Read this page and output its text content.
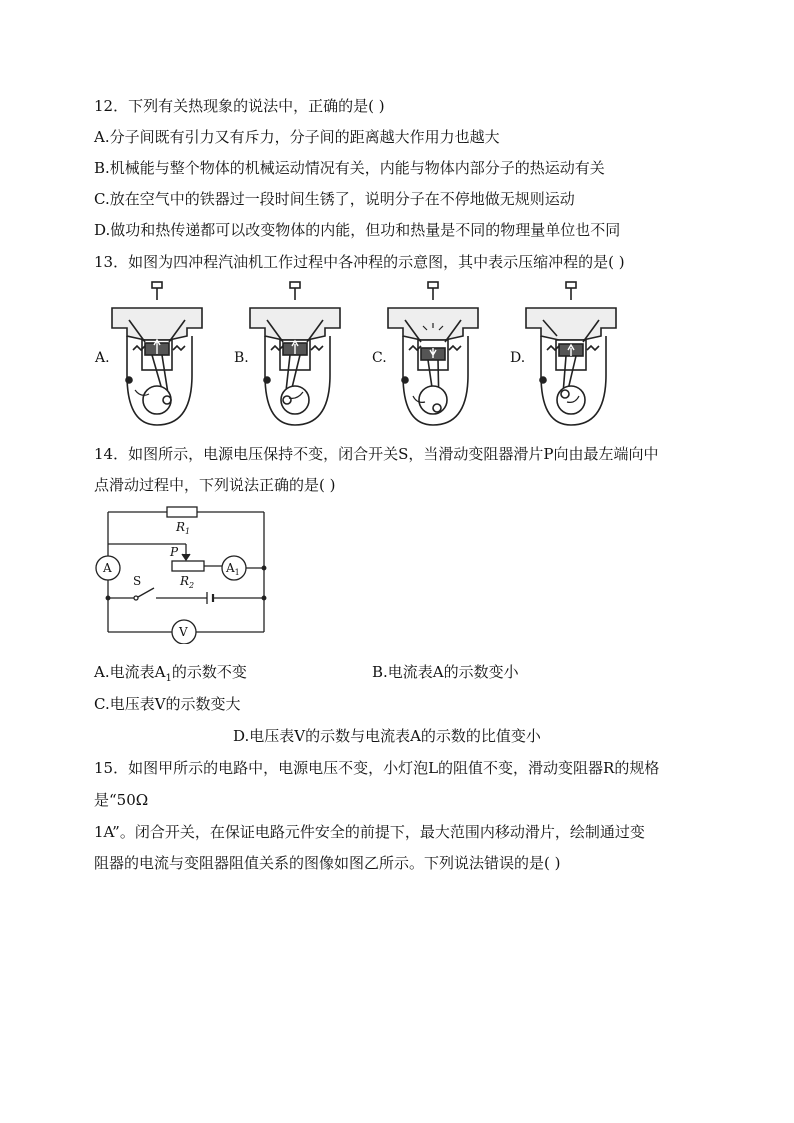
12．下列有关热现象的说法中，正确的是( )
A.分子间既有引力又有斥力，分子间的距离越大作用力也越大
B.机械能与整个物体的机械运动情况有关，内能与物体内部分子的热运动有关
C.放在空气中的铁器过一段时间生锈了，说明分子在不停地做无规则运动
D.做功和热传递都可以改变物体的内能，但功和热量是不同的物理量单位也不同
13．如图为四冲程汽油机工作过程中各冲程的示意图，其中表示压缩冲程的是( )
A.	B.	C.	D.
14．如图所示，电源电压保持不变，闭合开关S，当滑动变阻器滑片P向由最左端向中
点滑动过程中，下列说法正确的是( )
$R_1$
P
$R_2$
S
A	$A_1$
V
A.电流表$A_1$的示数不变	B.电流表A的示数变小
C.电压表V的示数变大
D.电压表V的示数与电流表A的示数的比值变小
15．如图甲所示的电路中，电源电压不变，小灯泡L的阻值不变，滑动变阻器R的规格
是“50Ω
1A”。闭合开关，在保证电路元件安全的前提下，最大范围内移动滑片，绘制通过变
阻器的电流与变阻器阻值关系的图像如图乙所示。下列说法错误的是( )
